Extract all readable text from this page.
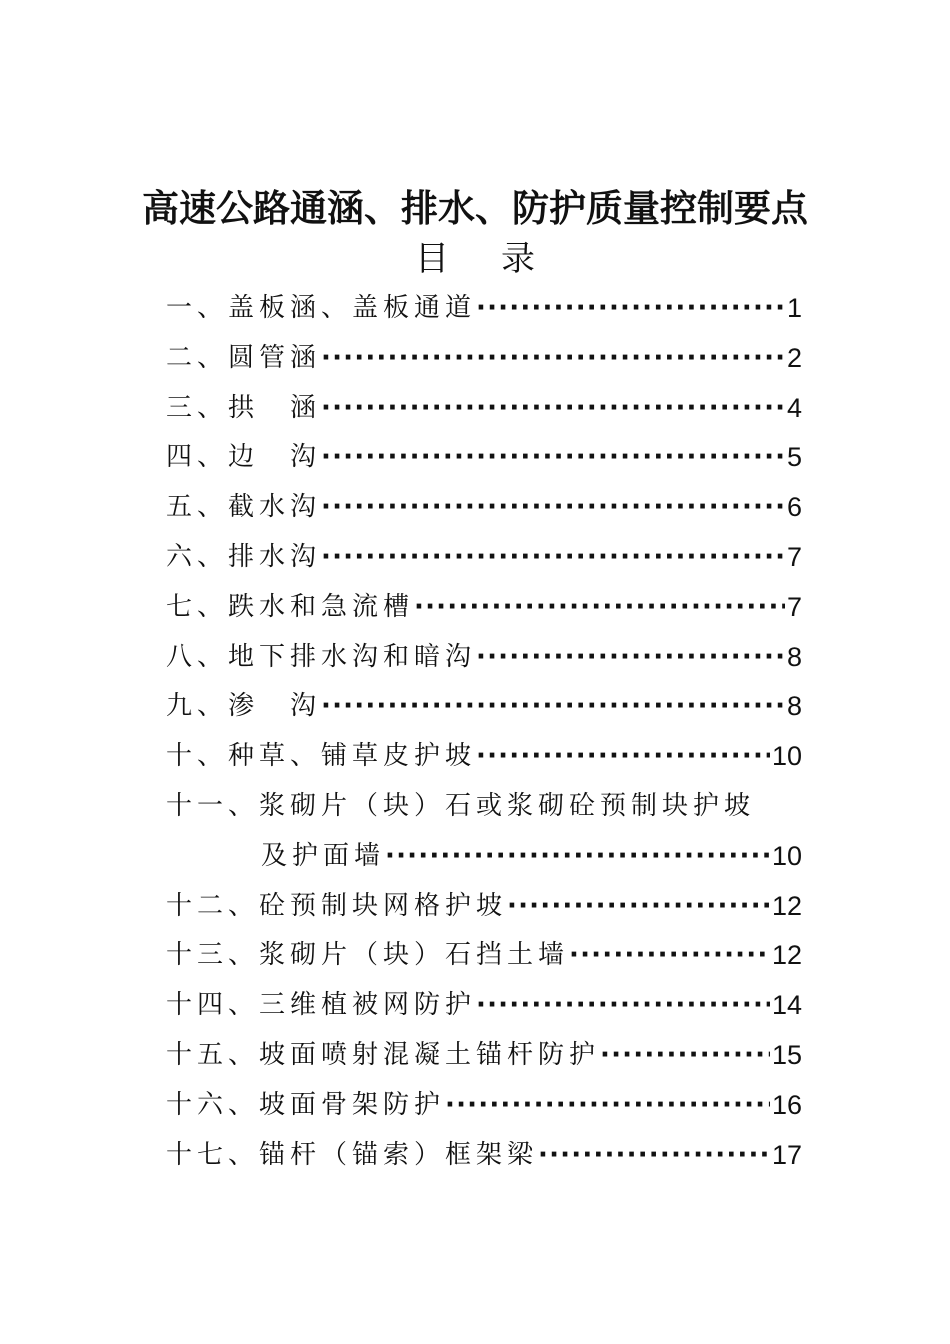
高速公路通涵、排水、防护质量控制要点
目 录
一、盖板涵、盖板通道 ·····	1
二、圆管涵 ·····	2
三、拱　涵 ·····	4
四、边　沟 ·····	5
五、截水沟 ·····	6
六、排水沟 ·····	7
七、跌水和急流槽 ·····	7
八、地下排水沟和暗沟 ·····	8
九、渗　沟 ·····	8
十、种草、铺草皮护坡 ·····	10
十一、浆砌片（块）石或浆砌砼预制块护坡
及护面墙 ·····	10
十二、砼预制块网格护坡 ·····	12
十三、浆砌片（块）石挡土墙 ·····	12
十四、三维植被网防护 ·····	14
十五、坡面喷射混凝土锚杆防护 ·····	15
十六、坡面骨架防护 ·····	16
十七、锚杆（锚索）框架梁 ·····	17
